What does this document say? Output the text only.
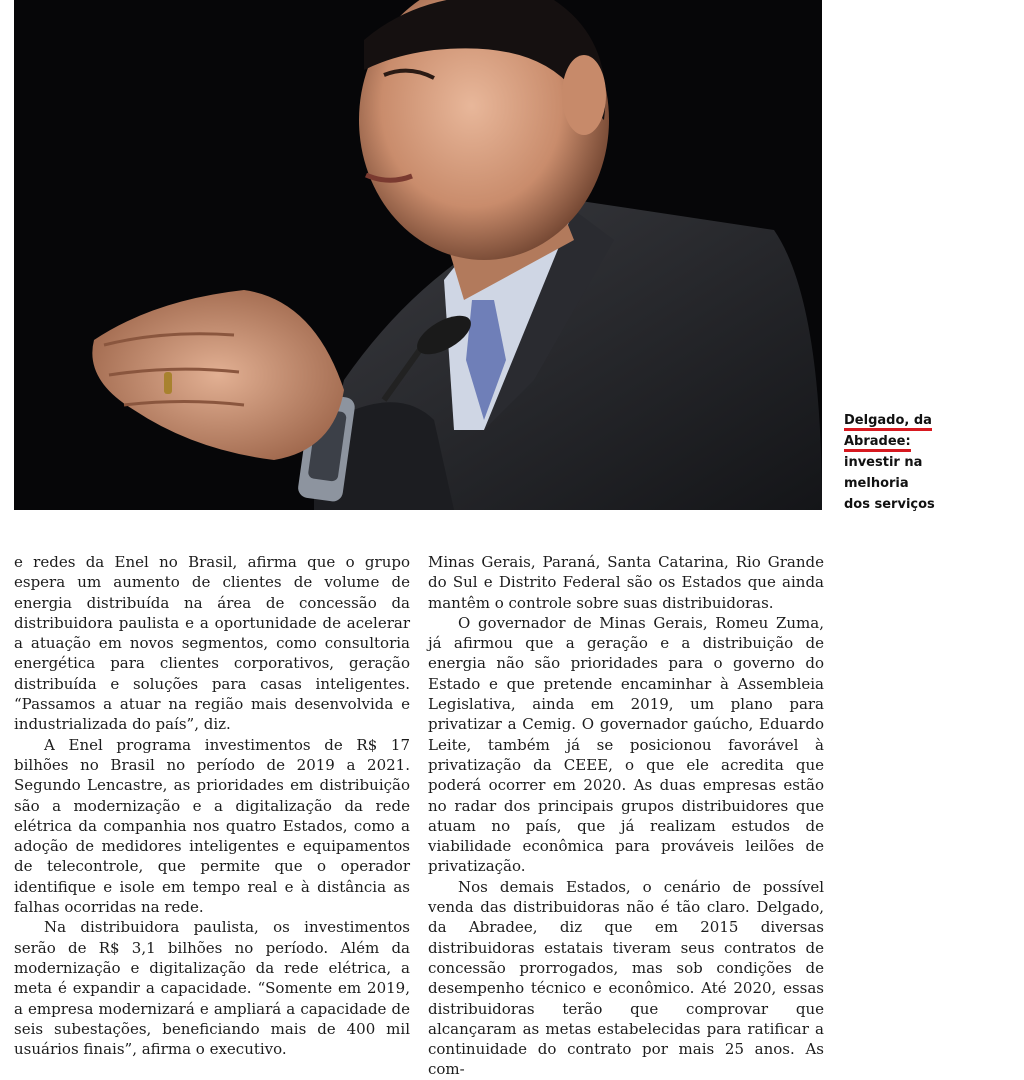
Delgado, da
Abradee:
investir na
melhoria
dos serviços

e redes da Enel no Brasil, afirma que o grupo espera um aumento de clientes de volume de energia distribuída na área de concessão da distribuidora paulista e a oportunidade de acelerar a atuação em novos segmentos, como consultoria energética para clientes corporativos, geração distribuída e soluções para casas inteligentes. “Passamos a atuar na região mais desenvolvida e industrializada do país”, diz.

A Enel programa investimentos de R$ 17 bilhões no Brasil no período de 2019 a 2021. Segundo Lencastre, as prioridades em distribuição são a modernização e a digitalização da rede elétrica da companhia nos quatro Estados, como a adoção de medidores inteligentes e equipamentos de telecontrole, que permite que o operador identifique e isole em tempo real e à distância as falhas ocorridas na rede.

Na distribuidora paulista, os investimentos serão de R$ 3,1 bilhões no período. Além da modernização e digitalização da rede elétrica, a meta é expandir a capacidade. “Somente em 2019, a empresa modernizará e ampliará a capacidade de seis subestações, beneficiando mais de 400 mil usuários finais”, afirma o executivo.

Minas Gerais, Paraná, Santa Catarina, Rio Grande do Sul e Distrito Federal são os Estados que ainda mantêm o controle sobre suas distribuidoras.

O governador de Minas Gerais, Romeu Zuma, já afirmou que a geração e a distribuição de energia não são prioridades para o governo do Estado e que pretende encaminhar à Assembleia Legislativa, ainda em 2019, um plano para privatizar a Cemig. O governador gaúcho, Eduardo Leite, também já se posicionou favorável à privatização da CEEE, o que ele acredita que poderá ocorrer em 2020. As duas empresas estão no radar dos principais grupos distribuidores que atuam no país, que já realizam estudos de viabilidade econômica para prováveis leilões de privatização.

Nos demais Estados, o cenário de possível venda das distribuidoras não é tão claro. Delgado, da Abradee, diz que em 2015 diversas distribuidoras estatais tiveram seus contratos de concessão prorrogados, mas sob condições de desempenho técnico e econômico. Até 2020, essas distribuidoras terão que comprovar que alcançaram as metas estabelecidas para ratificar a continuidade do contrato por mais 25 anos. As com-
